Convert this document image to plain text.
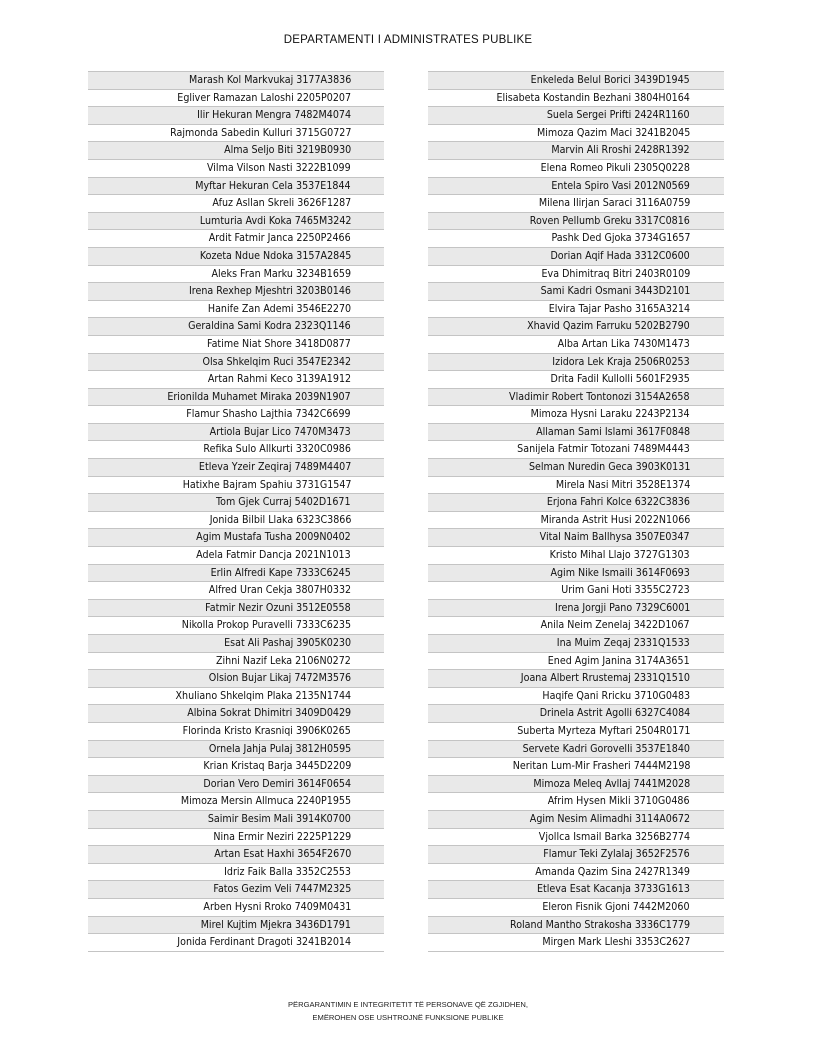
DEPARTAMENTI I ADMINISTRATES PUBLIKE
Marash Kol Markvukaj 3177A3836
Egliver Ramazan Laloshi 2205P0207
Ilir Hekuran Mengra 7482M4074
Rajmonda Sabedin Kulluri 3715G0727
Alma Seljo Biti 3219B0930
Vilma Vilson Nasti 3222B1099
Myftar Hekuran Cela 3537E1844
Afuz Asllan Skreli 3626F1287
Lumturia Avdi Koka 7465M3242
Ardit Fatmir Janca 2250P2466
Kozeta Ndue Ndoka 3157A2845
Aleks Fran Marku 3234B1659
Irena Rexhep Mjeshtri 3203B0146
Hanife Zan Ademi 3546E2270
Geraldina Sami Kodra 2323Q1146
Fatime Niat Shore 3418D0877
Olsa Shkelqim Ruci 3547E2342
Artan Rahmi Keco 3139A1912
Erionilda Muhamet Miraka 2039N1907
Flamur Shasho Lajthia 7342C6699
Artiola Bujar Lico 7470M3473
Refika Sulo Allkurti 3320C0986
Etleva Yzeir Zeqiraj 7489M4407
Hatixhe Bajram Spahiu 3731G1547
Tom Gjek Curraj 5402D1671
Jonida Bilbil Llaka 6323C3866
Agim Mustafa Tusha 2009N0402
Adela Fatmir Dancja 2021N1013
Erlin Alfredi Kape 7333C6245
Alfred Uran Cekja 3807H0332
Fatmir Nezir Ozuni 3512E0558
Nikolla Prokop Puravelli 7333C6235
Esat Ali Pashaj 3905K0230
Zihni Nazif Leka 2106N0272
Olsion Bujar Likaj 7472M3576
Xhuliano Shkelqim Plaka 2135N1744
Albina Sokrat Dhimitri 3409D0429
Florinda Kristo Krasniqi 3906K0265
Ornela Jahja Pulaj 3812H0595
Krian Kristaq Barja 3445D2209
Dorian Vero Demiri 3614F0654
Mimoza Mersin Allmuca 2240P1955
Saimir Besim Mali 3914K0700
Nina Ermir Neziri 2225P1229
Artan Esat Haxhi 3654F2670
Idriz Faik Balla 3352C2553
Fatos Gezim Veli 7447M2325
Arben Hysni Rroko 7409M0431
Mirel Kujtim Mjekra 3436D1791
Jonida Ferdinant Dragoti 3241B2014
Enkeleda Belul Borici 3439D1945
Elisabeta Kostandin Bezhani 3804H0164
Suela Sergei Prifti 2424R1160
Mimoza Qazim Maci 3241B2045
Marvin Ali Rroshi 2428R1392
Elena Romeo Pikuli 2305Q0228
Entela Spiro Vasi 2012N0569
Milena Ilirjan Saraci 3116A0759
Roven Pellumb Greku 3317C0816
Pashk Ded Gjoka 3734G1657
Dorian Aqif Hada 3312C0600
Eva Dhimitraq Bitri 2403R0109
Sami Kadri Osmani 3443D2101
Elvira Tajar Pasho 3165A3214
Xhavid Qazim Farruku 5202B2790
Alba Artan Lika 7430M1473
Izidora Lek Kraja 2506R0253
Drita Fadil Kullolli 5601F2935
Vladimir Robert Tontonozi 3154A2658
Mimoza Hysni Laraku 2243P2134
Allaman Sami Islami 3617F0848
Sanijela Fatmir Totozani 7489M4443
Selman Nuredin Geca 3903K0131
Mirela Nasi Mitri 3528E1374
Erjona Fahri Kolce 6322C3836
Miranda Astrit Husi 2022N1066
Vital Naim Ballhysa 3507E0347
Kristo Mihal Llajo 3727G1303
Agim Nike Ismaili 3614F0693
Urim Gani Hoti 3355C2723
Irena Jorgji Pano 7329C6001
Anila Neim Zenelaj 3422D1067
Ina Muim Zeqaj 2331Q1533
Ened Agim Janina 3174A3651
Joana Albert Rrustemaj 2331Q1510
Haqife Qani Rricku 3710G0483
Drinela Astrit Agolli 6327C4084
Suberta Myrteza Myftari 2504R0171
Servete Kadri Gorovelli 3537E1840
Neritan Lum-Mir Frasheri 7444M2198
Mimoza Meleq Avllaj 7441M2028
Afrim Hysen Mikli 3710G0486
Agim Nesim Alimadhi 3114A0672
Vjollca Ismail Barka 3256B2774
Flamur Teki Zylalaj 3652F2576
Amanda Qazim Sina 2427R1349
Etleva Esat Kacanja 3733G1613
Eleron Fisnik Gjoni 7442M2060
Roland Mantho Strakosha 3336C1779
Mirgen Mark Lleshi 3353C2627
PËRGARANTIMIN E INTEGRITETIT TË PERSONAVE QË ZGJIDHEN,
EMËROHEN OSE USHTROJNË FUNKSIONE PUBLIKE
